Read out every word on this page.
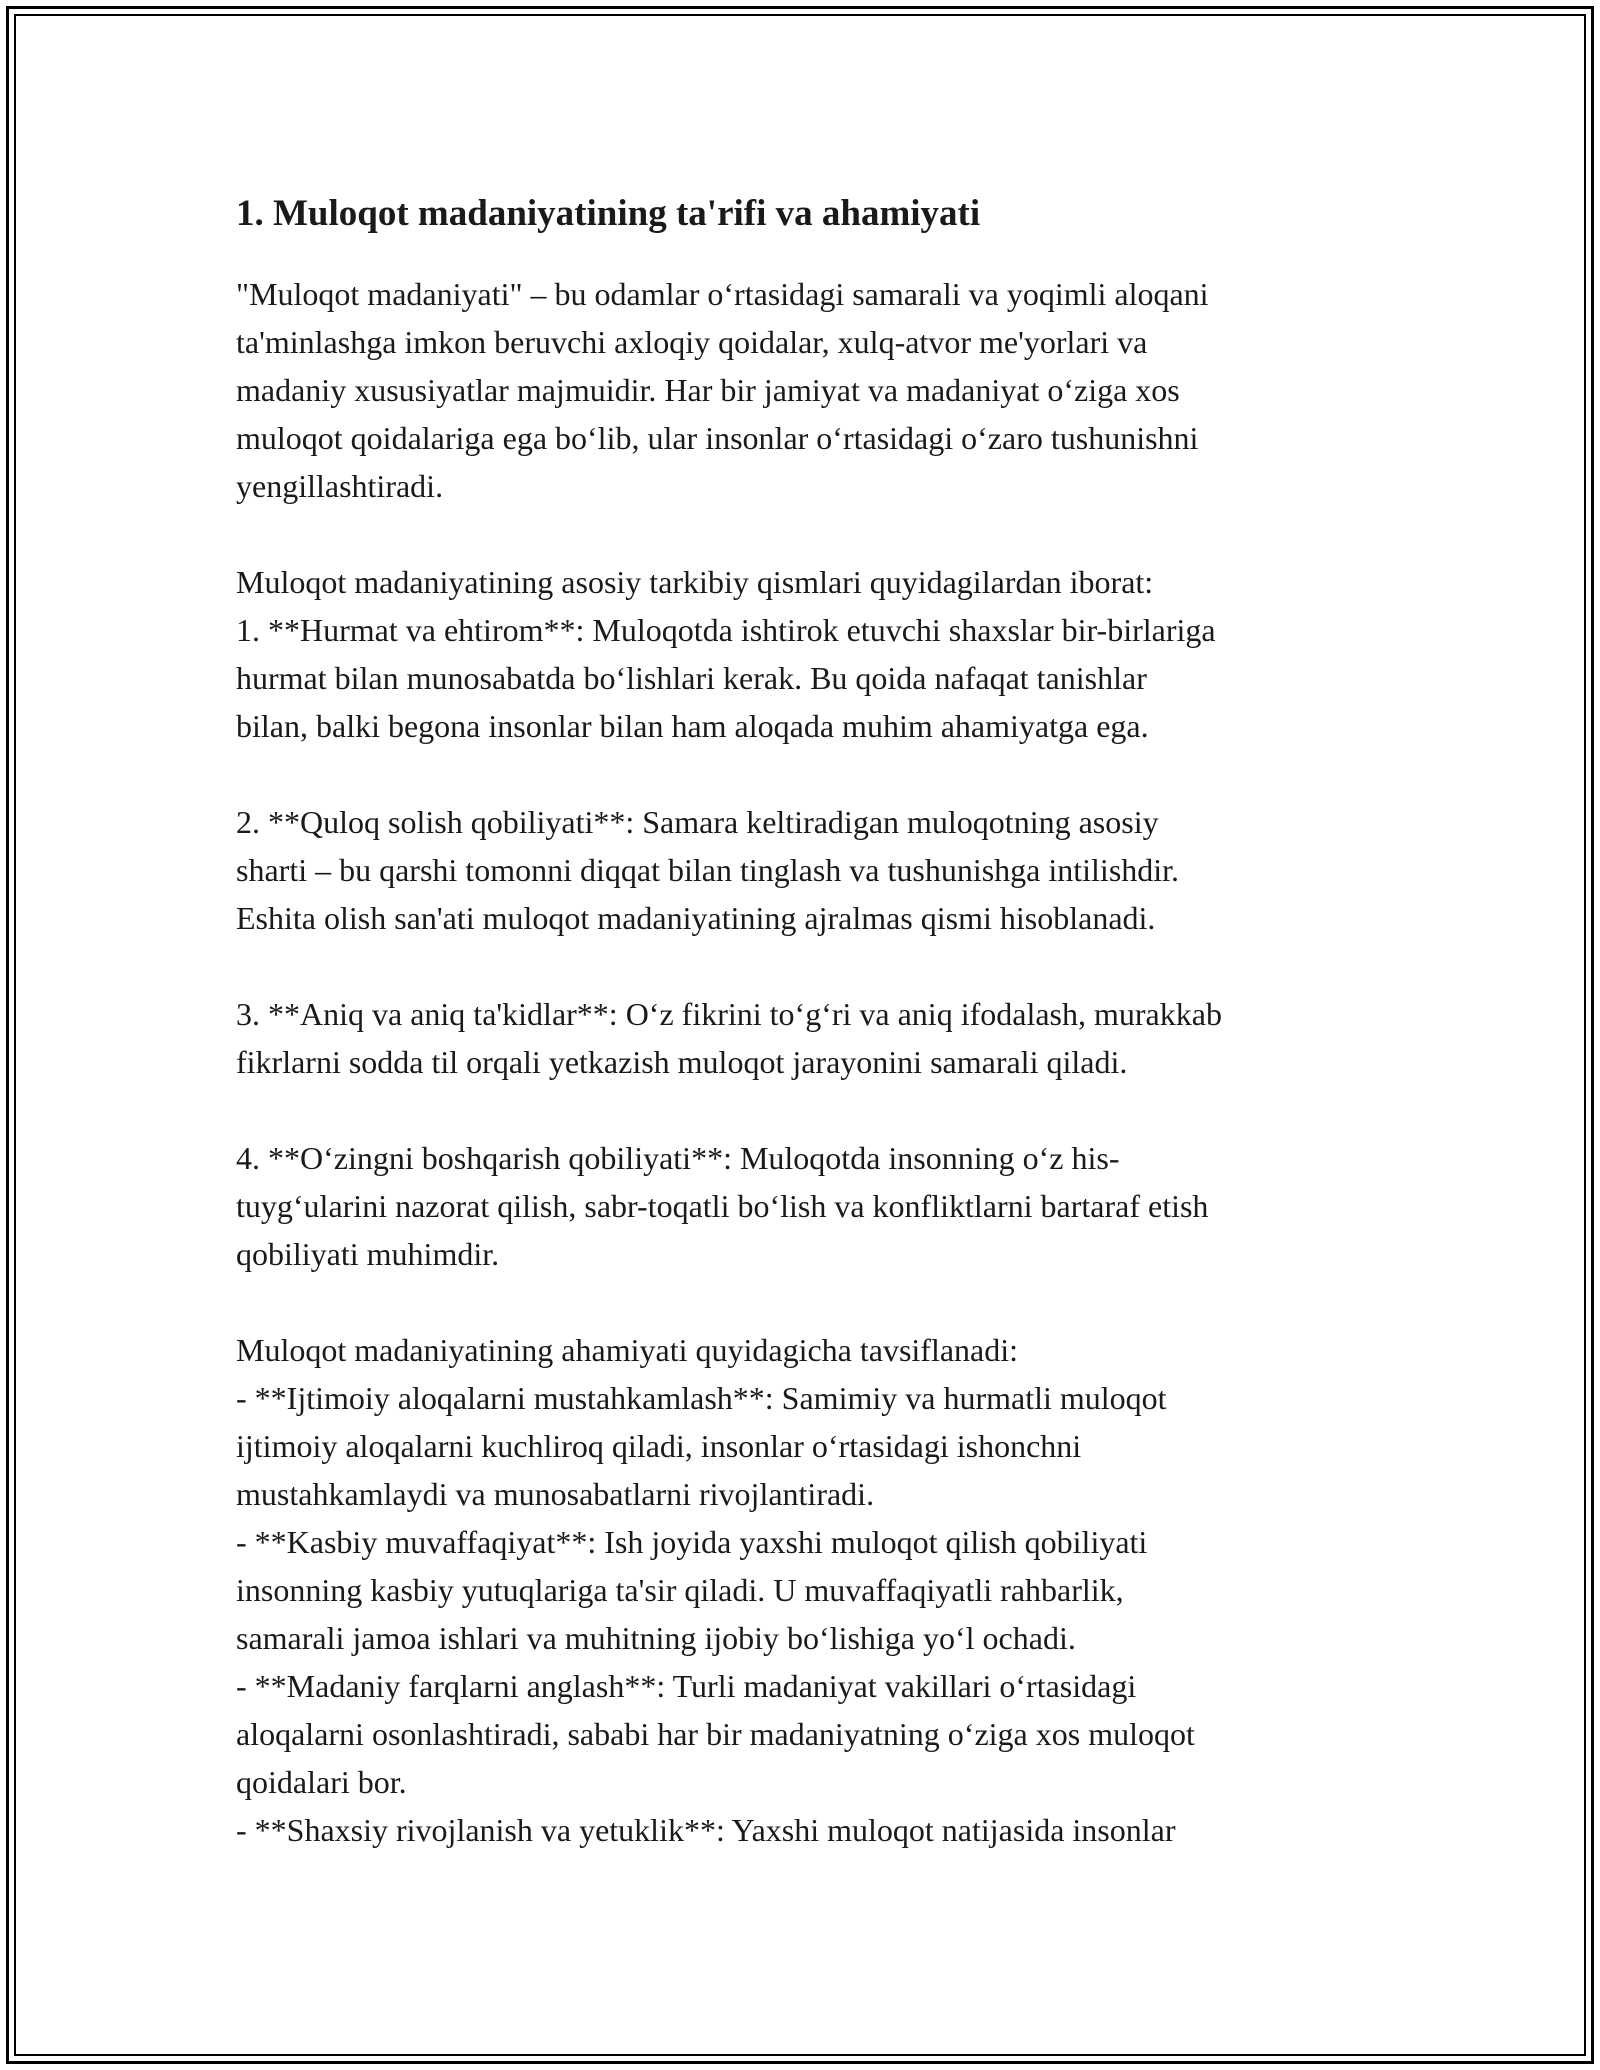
1. Muloqot madaniyatining ta'rifi va ahamiyati

"Muloqot madaniyati" – bu odamlar o‘rtasidagi samarali va yoqimli aloqani

ta'minlashga imkon beruvchi axloqiy qoidalar, xulq-atvor me'yorlari va

madaniy xususiyatlar majmuidir. Har bir jamiyat va madaniyat o‘ziga xos

muloqot qoidalariga ega bo‘lib, ular insonlar o‘rtasidagi o‘zaro tushunishni

yengillashtiradi.

Muloqot madaniyatining asosiy tarkibiy qismlari quyidagilardan iborat:

1. **Hurmat va ehtirom**: Muloqotda ishtirok etuvchi shaxslar bir-birlariga

hurmat bilan munosabatda bo‘lishlari kerak. Bu qoida nafaqat tanishlar

bilan, balki begona insonlar bilan ham aloqada muhim ahamiyatga ega.

2. **Quloq solish qobiliyati**: Samara keltiradigan muloqotning asosiy

sharti – bu qarshi tomonni diqqat bilan tinglash va tushunishga intilishdir.

Eshita olish san'ati muloqot madaniyatining ajralmas qismi hisoblanadi.

3. **Aniq va aniq ta'kidlar**: O‘z fikrini to‘g‘ri va aniq ifodalash, murakkab

fikrlarni sodda til orqali yetkazish muloqot jarayonini samarali qiladi.

4. **O‘zingni boshqarish qobiliyati**: Muloqotda insonning o‘z his-

tuyg‘ularini nazorat qilish, sabr-toqatli bo‘lish va konfliktlarni bartaraf etish

qobiliyati muhimdir.

Muloqot madaniyatining ahamiyati quyidagicha tavsiflanadi:

- **Ijtimoiy aloqalarni mustahkamlash**: Samimiy va hurmatli muloqot

ijtimoiy aloqalarni kuchliroq qiladi, insonlar o‘rtasidagi ishonchni

mustahkamlaydi va munosabatlarni rivojlantiradi.

- **Kasbiy muvaffaqiyat**: Ish joyida yaxshi muloqot qilish qobiliyati

insonning kasbiy yutuqlariga ta'sir qiladi. U muvaffaqiyatli rahbarlik,

samarali jamoa ishlari va muhitning ijobiy bo‘lishiga yo‘l ochadi.

- **Madaniy farqlarni anglash**: Turli madaniyat vakillari o‘rtasidagi

aloqalarni osonlashtiradi, sababi har bir madaniyatning o‘ziga xos muloqot

qoidalari bor.

- **Shaxsiy rivojlanish va yetuklik**: Yaxshi muloqot natijasida insonlar
